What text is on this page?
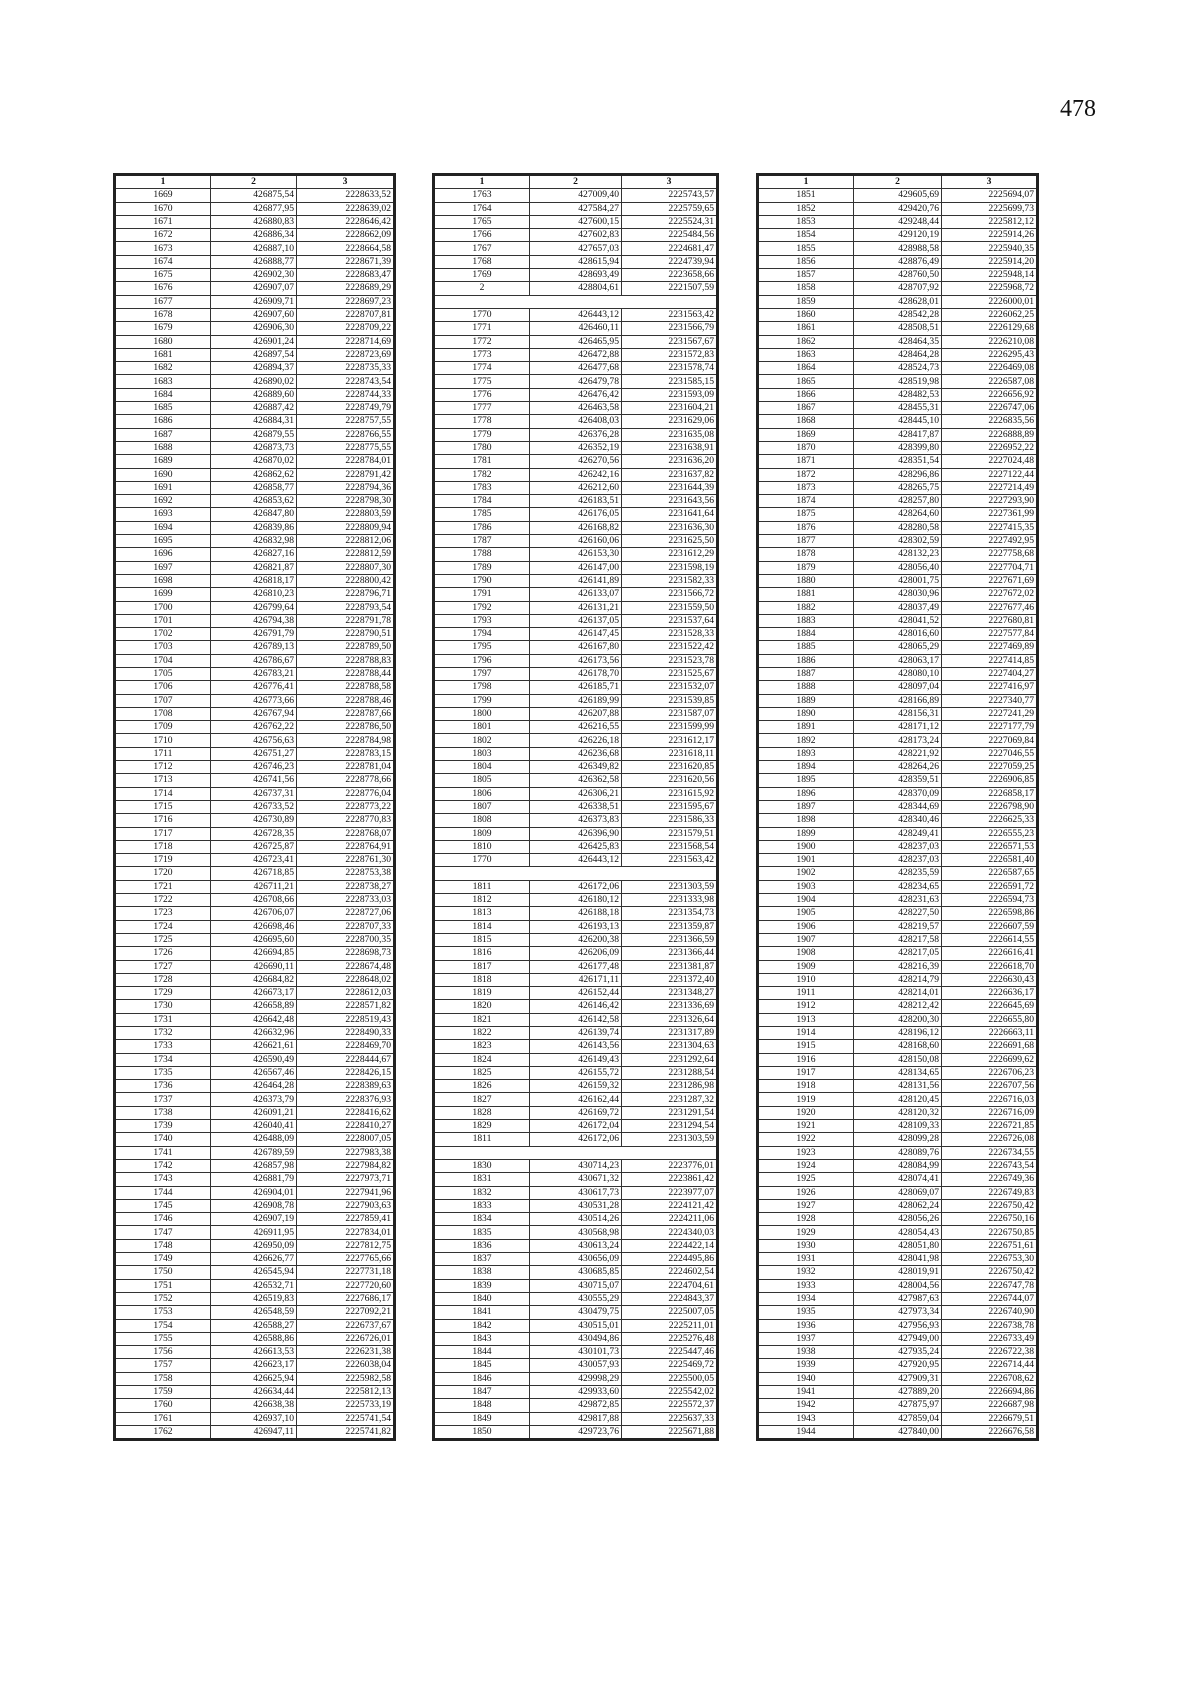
478
1	2	3
1669	426875,54	2228633,52
1670	426877,95	2228639,02
1671	426880,83	2228646,42
1672	426886,34	2228662,09
1673	426887,10	2228664,58
1674	426888,77	2228671,39
1675	426902,30	2228683,47
1676	426907,07	2228689,29
1677	426909,71	2228697,23
1678	426907,60	2228707,81
1679	426906,30	2228709,22
1680	426901,24	2228714,69
1681	426897,54	2228723,69
1682	426894,37	2228735,33
1683	426890,02	2228743,54
1684	426889,60	2228744,33
1685	426887,42	2228749,79
1686	426884,31	2228757,55
1687	426879,55	2228766,55
1688	426873,73	2228775,55
1689	426870,02	2228784,01
1690	426862,62	2228791,42
1691	426858,77	2228794,36
1692	426853,62	2228798,30
1693	426847,80	2228803,59
1694	426839,86	2228809,94
1695	426832,98	2228812,06
1696	426827,16	2228812,59
1697	426821,87	2228807,30
1698	426818,17	2228800,42
1699	426810,23	2228796,71
1700	426799,64	2228793,54
1701	426794,38	2228791,78
1702	426791,79	2228790,51
1703	426789,13	2228789,50
1704	426786,67	2228788,83
1705	426783,21	2228788,44
1706	426776,41	2228788,58
1707	426773,66	2228788,46
1708	426767,94	2228787,66
1709	426762,22	2228786,50
1710	426756,63	2228784,98
1711	426751,27	2228783,15
1712	426746,23	2228781,04
1713	426741,56	2228778,66
1714	426737,31	2228776,04
1715	426733,52	2228773,22
1716	426730,89	2228770,83
1717	426728,35	2228768,07
1718	426725,87	2228764,91
1719	426723,41	2228761,30
1720	426718,85	2228753,38
1721	426711,21	2228738,27
1722	426708,66	2228733,03
1723	426706,07	2228727,06
1724	426698,46	2228707,33
1725	426695,60	2228700,35
1726	426694,85	2228698,73
1727	426690,11	2228674,48
1728	426684,82	2228648,02
1729	426673,17	2228612,03
1730	426658,89	2228571,82
1731	426642,48	2228519,43
1732	426632,96	2228490,33
1733	426621,61	2228469,70
1734	426590,49	2228444,67
1735	426567,46	2228426,15
1736	426464,28	2228389,63
1737	426373,79	2228376,93
1738	426091,21	2228416,62
1739	426040,41	2228410,27
1740	426488,09	2228007,05
1741	426789,59	2227983,38
1742	426857,98	2227984,82
1743	426881,79	2227973,71
1744	426904,01	2227941,96
1745	426908,78	2227903,63
1746	426907,19	2227859,41
1747	426911,95	2227834,01
1748	426950,09	2227812,75
1749	426626,77	2227765,66
1750	426545,94	2227731,18
1751	426532,71	2227720,60
1752	426519,83	2227686,17
1753	426548,59	2227092,21
1754	426588,27	2226737,67
1755	426588,86	2226726,01
1756	426613,53	2226231,38
1757	426623,17	2226038,04
1758	426625,94	2225982,58
1759	426634,44	2225812,13
1760	426638,38	2225733,19
1761	426937,10	2225741,54
1762	426947,11	2225741,82
1	2	3
1763	427009,40	2225743,57
1764	427584,27	2225759,65
1765	427600,15	2225524,31
1766	427602,83	2225484,56
1767	427657,03	2224681,47
1768	428615,94	2224739,94
1769	428693,49	2223658,66
2	428804,61	2221507,59

1770	426443,12	2231563,42
1771	426460,11	2231566,79
1772	426465,95	2231567,67
1773	426472,88	2231572,83
1774	426477,68	2231578,74
1775	426479,78	2231585,15
1776	426476,42	2231593,09
1777	426463,58	2231604,21
1778	426408,03	2231629,06
1779	426376,28	2231635,08
1780	426352,19	2231638,91
1781	426270,56	2231636,20
1782	426242,16	2231637,82
1783	426212,60	2231644,39
1784	426183,51	2231643,56
1785	426176,05	2231641,64
1786	426168,82	2231636,30
1787	426160,06	2231625,50
1788	426153,30	2231612,29
1789	426147,00	2231598,19
1790	426141,89	2231582,33
1791	426133,07	2231566,72
1792	426131,21	2231559,50
1793	426137,05	2231537,64
1794	426147,45	2231528,33
1795	426167,80	2231522,42
1796	426173,56	2231523,78
1797	426178,70	2231525,67
1798	426185,71	2231532,07
1799	426189,99	2231539,85
1800	426207,88	2231587,07
1801	426216,55	2231599,99
1802	426226,18	2231612,17
1803	426236,68	2231618,11
1804	426349,82	2231620,85
1805	426362,58	2231620,56
1806	426306,21	2231615,92
1807	426338,51	2231595,67
1808	426373,83	2231586,33
1809	426396,90	2231579,51
1810	426425,83	2231568,54
1770	426443,12	2231563,42

1811	426172,06	2231303,59
1812	426180,12	2231333,98
1813	426188,18	2231354,73
1814	426193,13	2231359,87
1815	426200,38	2231366,59
1816	426206,09	2231366,44
1817	426177,48	2231381,87
1818	426171,11	2231372,40
1819	426152,44	2231348,27
1820	426146,42	2231336,69
1821	426142,58	2231326,64
1822	426139,74	2231317,89
1823	426143,56	2231304,63
1824	426149,43	2231292,64
1825	426155,72	2231288,54
1826	426159,32	2231286,98
1827	426162,44	2231287,32
1828	426169,72	2231291,54
1829	426172,04	2231294,54
1811	426172,06	2231303,59

1830	430714,23	2223776,01
1831	430671,32	2223861,42
1832	430617,73	2223977,07
1833	430531,28	2224121,42
1834	430514,26	2224211,06
1835	430568,98	2224340,03
1836	430613,24	2224422,14
1837	430656,09	2224495,86
1838	430685,85	2224602,54
1839	430715,07	2224704,61
1840	430555,29	2224843,37
1841	430479,75	2225007,05
1842	430515,01	2225211,01
1843	430494,86	2225276,48
1844	430101,73	2225447,46
1845	430057,93	2225469,72
1846	429998,29	2225500,05
1847	429933,60	2225542,02
1848	429872,85	2225572,37
1849	429817,88	2225637,33
1850	429723,76	2225671,88
1	2	3
1851	429605,69	2225694,07
1852	429420,76	2225699,73
1853	429248,44	2225812,12
1854	429120,19	2225914,26
1855	428988,58	2225940,35
1856	428876,49	2225914,20
1857	428760,50	2225948,14
1858	428707,92	2225968,72
1859	428628,01	2226000,01
1860	428542,28	2226062,25
1861	428508,51	2226129,68
1862	428464,35	2226210,08
1863	428464,28	2226295,43
1864	428524,73	2226469,08
1865	428519,98	2226587,08
1866	428482,53	2226656,92
1867	428455,31	2226747,06
1868	428445,10	2226835,56
1869	428417,87	2226888,89
1870	428399,80	2226952,22
1871	428351,54	2227024,48
1872	428296,86	2227122,44
1873	428265,75	2227214,49
1874	428257,80	2227293,90
1875	428264,60	2227361,99
1876	428280,58	2227415,35
1877	428302,59	2227492,95
1878	428132,23	2227758,68
1879	428056,40	2227704,71
1880	428001,75	2227671,69
1881	428030,96	2227672,02
1882	428037,49	2227677,46
1883	428041,52	2227680,81
1884	428016,60	2227577,84
1885	428065,29	2227469,89
1886	428063,17	2227414,85
1887	428080,10	2227404,27
1888	428097,04	2227416,97
1889	428166,89	2227340,77
1890	428156,31	2227241,29
1891	428171,12	2227177,79
1892	428173,24	2227069,84
1893	428221,92	2227046,55
1894	428264,26	2227059,25
1895	428359,51	2226906,85
1896	428370,09	2226858,17
1897	428344,69	2226798,90
1898	428340,46	2226625,33
1899	428249,41	2226555,23
1900	428237,03	2226571,53
1901	428237,03	2226581,40
1902	428235,59	2226587,65
1903	428234,65	2226591,72
1904	428231,63	2226594,73
1905	428227,50	2226598,86
1906	428219,57	2226607,59
1907	428217,58	2226614,55
1908	428217,05	2226616,41
1909	428216,39	2226618,70
1910	428214,79	2226630,43
1911	428214,01	2226636,17
1912	428212,42	2226645,69
1913	428200,30	2226655,80
1914	428196,12	2226663,11
1915	428168,60	2226691,68
1916	428150,08	2226699,62
1917	428134,65	2226706,23
1918	428131,56	2226707,56
1919	428120,45	2226716,03
1920	428120,32	2226716,09
1921	428109,33	2226721,85
1922	428099,28	2226726,08
1923	428089,76	2226734,55
1924	428084,99	2226743,54
1925	428074,41	2226749,36
1926	428069,07	2226749,83
1927	428062,24	2226750,42
1928	428056,26	2226750,16
1929	428054,43	2226750,85
1930	428051,80	2226751,61
1931	428041,98	2226753,30
1932	428019,91	2226750,42
1933	428004,56	2226747,78
1934	427987,63	2226744,07
1935	427973,34	2226740,90
1936	427956,93	2226738,78
1937	427949,00	2226733,49
1938	427935,24	2226722,38
1939	427920,95	2226714,44
1940	427909,31	2226708,62
1941	427889,20	2226694,86
1942	427875,97	2226687,98
1943	427859,04	2226679,51
1944	427840,00	2226676,58
